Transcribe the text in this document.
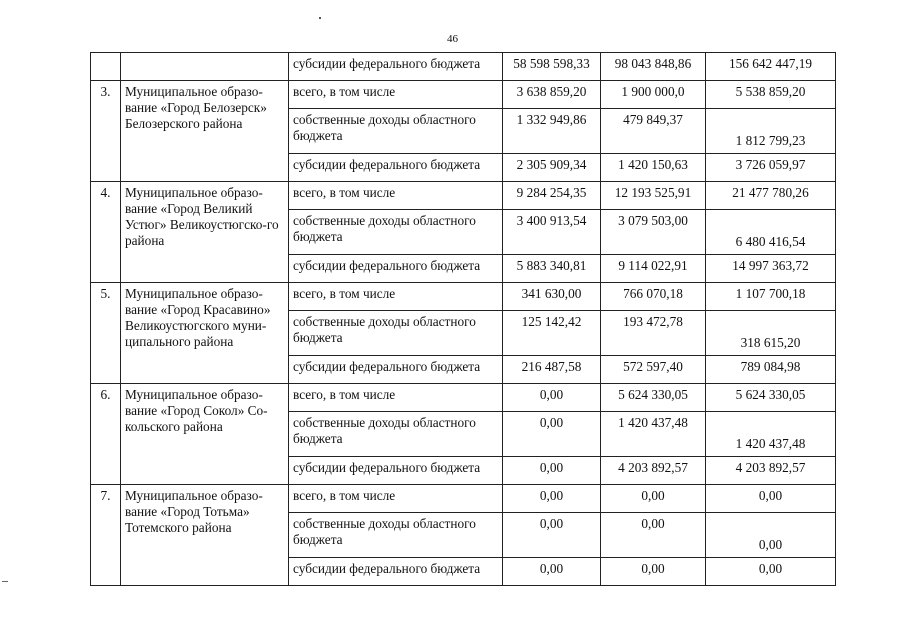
46
		субсидии федерального бюджета	58 598 598,33	98 043 848,86	156 642 447,19
3.	Муниципальное образо-вание «Город Белозерск» Белозерского района	всего, в том числе	3 638 859,20	1 900 000,0	5 538 859,20
		собственные доходы областного бюджета	1 332 949,86	479 849,37	1 812 799,23
		субсидии федерального бюджета	2 305 909,34	1 420 150,63	3 726 059,97
4.	Муниципальное образо-вание «Город Великий Устюг» Великоустюгско-го района	всего, в том числе	9 284 254,35	12 193 525,91	21 477 780,26
		собственные доходы областного бюджета	3 400 913,54	3 079 503,00	6 480 416,54
		субсидии федерального бюджета	5 883 340,81	9 114 022,91	14 997 363,72
5.	Муниципальное образо-вание «Город Красавино» Великоустюгского муни-ципального района	всего, в том числе	341 630,00	766 070,18	1 107 700,18
		собственные доходы областного бюджета	125 142,42	193 472,78	318 615,20
		субсидии федерального бюджета	216 487,58	572 597,40	789 084,98
6.	Муниципальное образо-вание «Город Сокол» Со-кольского района	всего, в том числе	0,00	5 624 330,05	5 624 330,05
		собственные доходы областного бюджета	0,00	1 420 437,48	1 420 437,48
		субсидии федерального бюджета	0,00	4 203 892,57	4 203 892,57
7.	Муниципальное образо-вание «Город Тотьма» Тотемского района	всего, в том числе	0,00	0,00	0,00
		собственные доходы областного бюджета	0,00	0,00	0,00
		субсидии федерального бюджета	0,00	0,00	0,00
